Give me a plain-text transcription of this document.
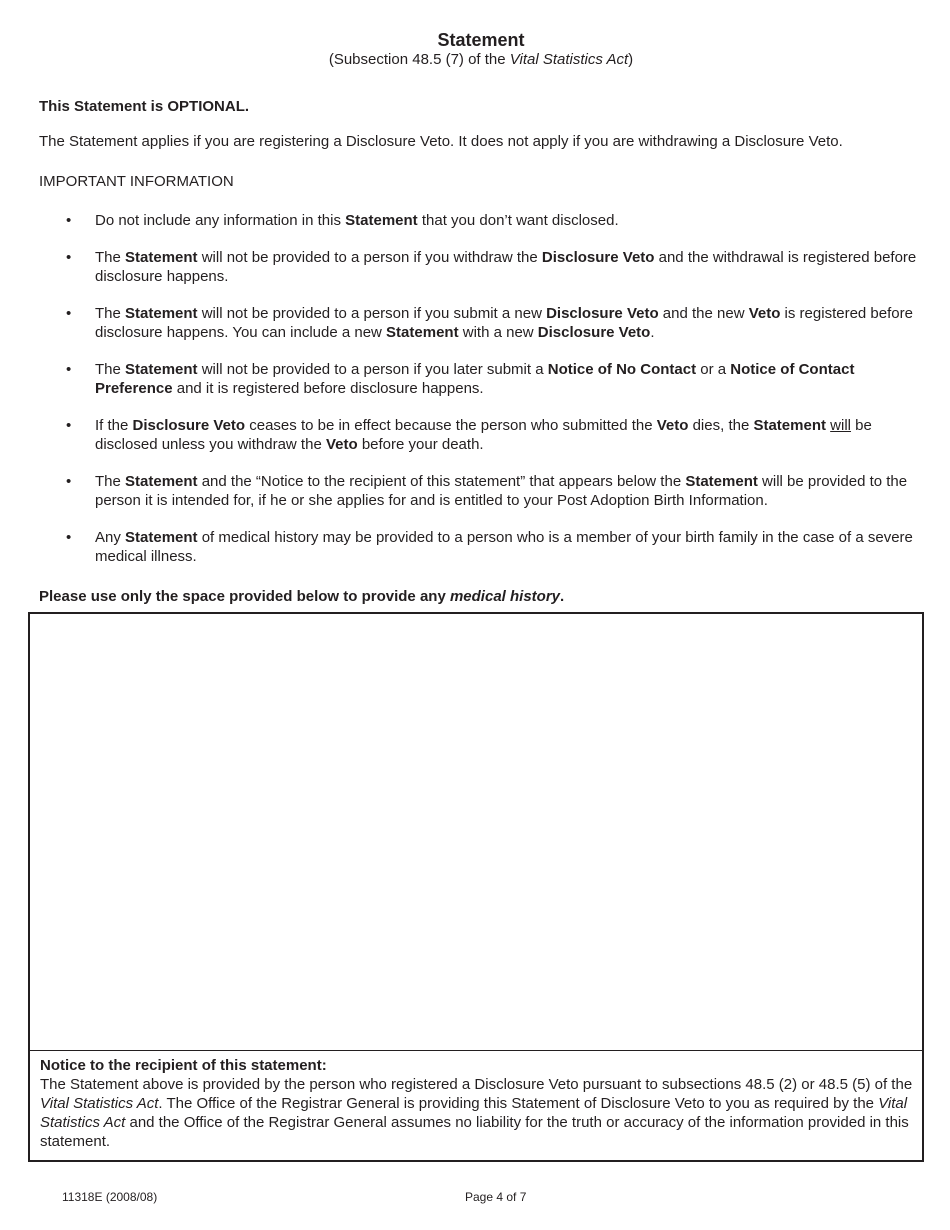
Statement
(Subsection 48.5 (7) of the Vital Statistics Act)
This Statement is OPTIONAL.
The Statement applies if you are registering a Disclosure Veto. It does not apply if you are withdrawing a Disclosure Veto.
IMPORTANT INFORMATION
• Do not include any information in this Statement that you don’t want disclosed.
• The Statement will not be provided to a person if you withdraw the Disclosure Veto and the withdrawal is registered before disclosure happens.
• The Statement will not be provided to a person if you submit a new Disclosure Veto and the new Veto is registered before disclosure happens. You can include a new Statement with a new Disclosure Veto.
• The Statement will not be provided to a person if you later submit a Notice of No Contact or a Notice of Contact Preference and it is registered before disclosure happens.
• If the Disclosure Veto ceases to be in effect because the person who submitted the Veto dies, the Statement will be disclosed unless you withdraw the Veto before your death.
• The Statement and the “Notice to the recipient of this statement” that appears below the Statement will be provided to the person it is intended for, if he or she applies for and is entitled to your Post Adoption Birth Information.
• Any Statement of medical history may be provided to a person who is a member of your birth family in the case of a severe medical illness.
Please use only the space provided below to provide any medical history.
Notice to the recipient of this statement:
The Statement above is provided by the person who registered a Disclosure Veto pursuant to subsections 48.5 (2) or 48.5 (5) of the Vital Statistics Act. The Office of the Registrar General is providing this Statement of Disclosure Veto to you as required by the Vital Statistics Act and the Office of the Registrar General assumes no liability for the truth or accuracy of the information provided in this statement.
11318E (2008/08)	Page 4 of 7
